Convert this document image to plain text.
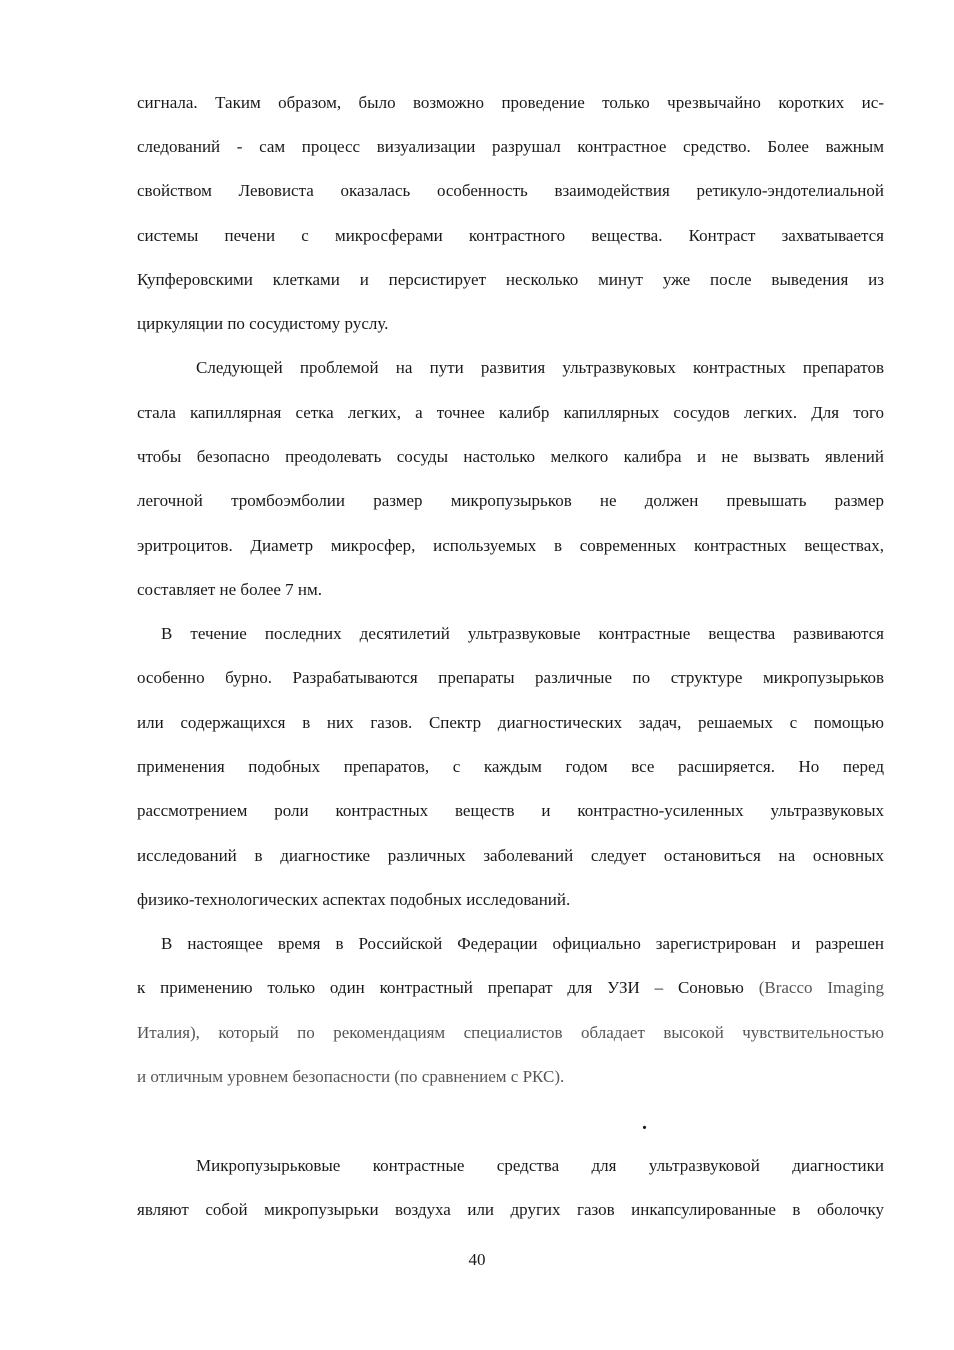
сигнала. Таким образом, было возможно проведение только чрезвычайно коротких ис-
следований - сам процесс визуализации разрушал контрастное средство. Более важным
свойством Левовиста оказалась особенность взаимодействия ретикуло-эндотелиальной
системы печени с микросферами контрастного вещества. Контраст захватывается
Купферовскими клетками и персистирует несколько минут уже после выведения из
циркуляции по сосудистому руслу.
Следующей проблемой на пути развития ультразвуковых контрастных препаратов
стала капиллярная сетка легких, а точнее калибр капиллярных сосудов легких. Для того
чтобы безопасно преодолевать сосуды настолько мелкого калибра и не вызвать явлений
легочной тромбоэмболии размер микропузырьков не должен превышать размер
эритроцитов. Диаметр микросфер, используемых в современных контрастных веществах,
составляет не более 7 нм.
В течение последних десятилетий ультразвуковые контрастные вещества развиваются
особенно бурно. Разрабатываются препараты различные по структуре микропузырьков
или содержащихся в них газов. Спектр диагностических задач, решаемых с помощью
применения подобных препаратов, с каждым годом все расширяется. Но перед
рассмотрением роли контрастных веществ и контрастно-усиленных ультразвуковых
исследований в диагностике различных заболеваний следует остановиться на основных
физико-технологических аспектах подобных исследований.
В настоящее время в Российской Федерации официально зарегистрирован и разрешен
к применению только один контрастный препарат для УЗИ – Сонoвью (Bracco Imaging
Италия), который по рекомендациям специалистов обладает высокой чувствительностью
и отличным уровнем безопасности (по сравнением с РКС).
.
Микропузырьковые контрастные средства для ультразвуковой диагностики
являют собой микропузырьки воздуха или других газов инкапсулированные в оболочку
40
